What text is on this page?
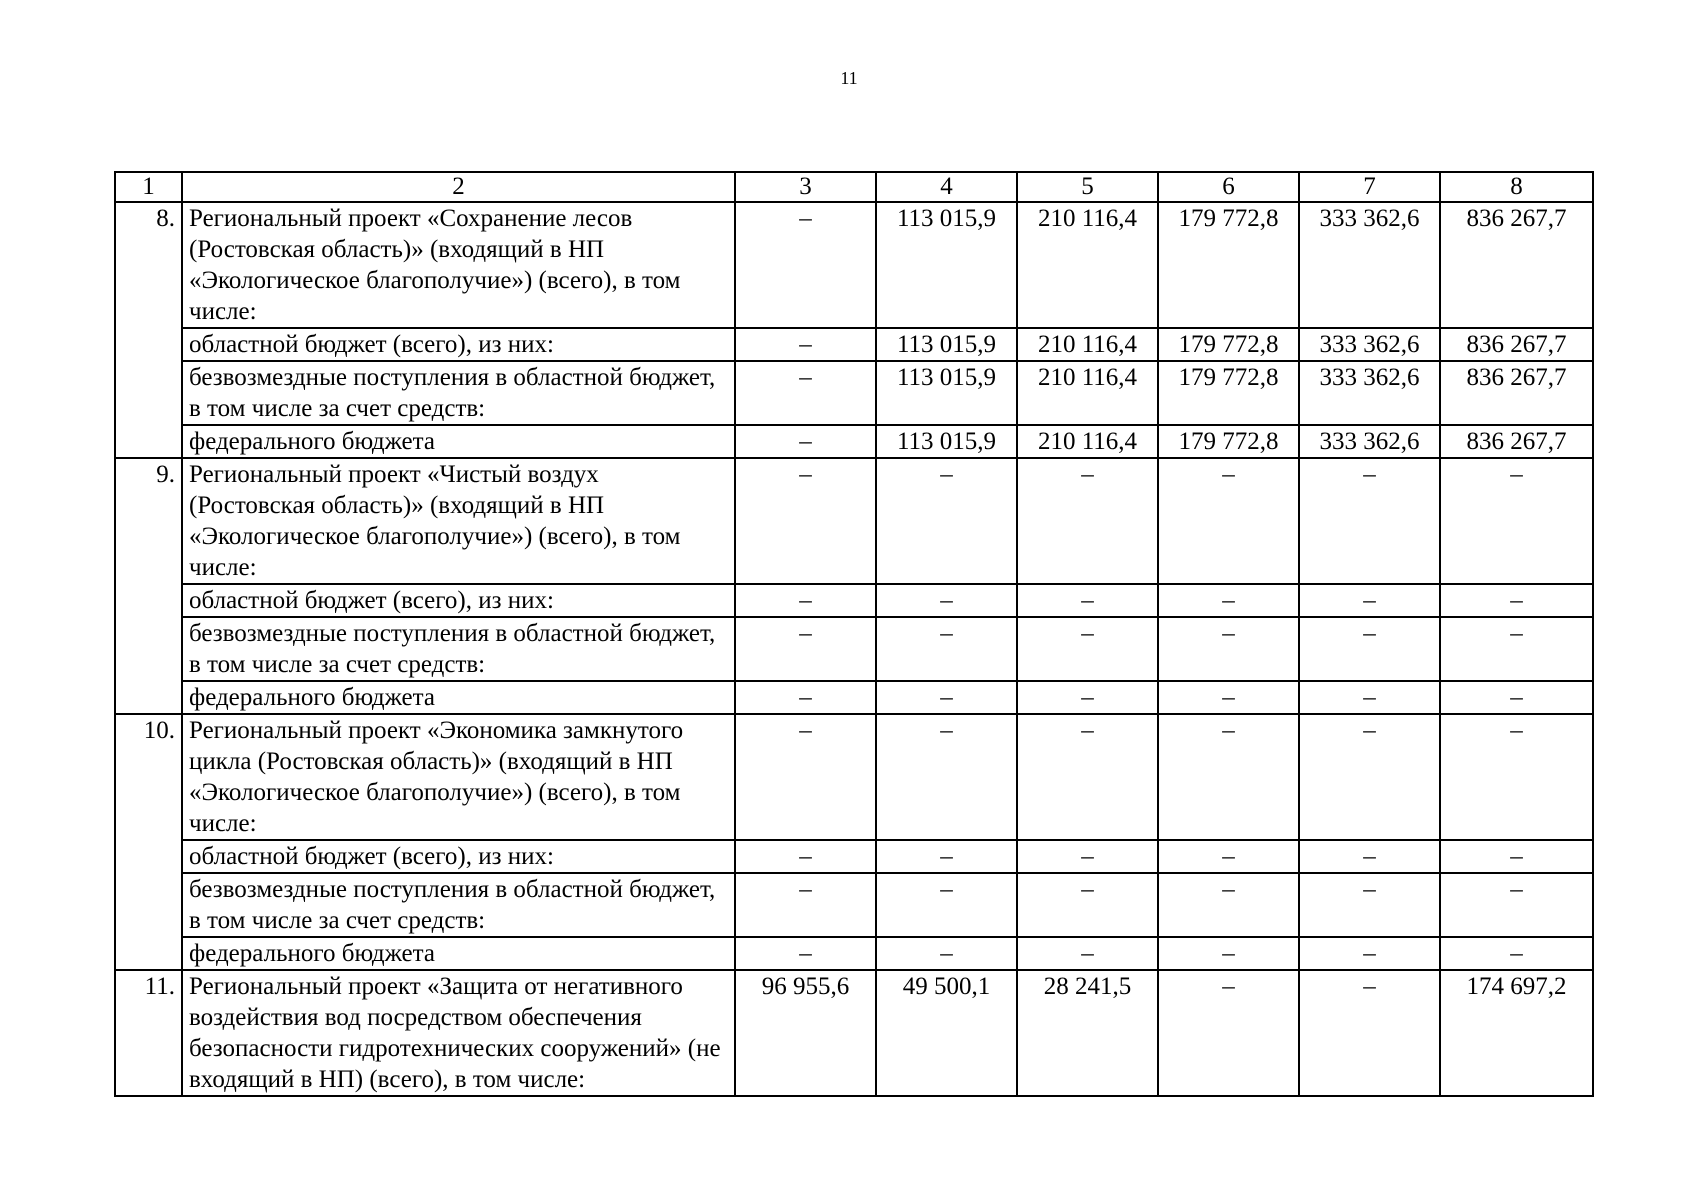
11
1	2	3	4	5	6	7	8
8.	Региональный проект «Сохранение лесов (Ростовская область)» (входящий в НП «Экологическое благополучие») (всего), в том числе:	–	113 015,9	210 116,4	179 772,8	333 362,6	836 267,7
	областной бюджет (всего), из них:	–	113 015,9	210 116,4	179 772,8	333 362,6	836 267,7
	безвозмездные поступления в областной бюджет, в том числе за счет средств:	–	113 015,9	210 116,4	179 772,8	333 362,6	836 267,7
	федерального бюджета	–	113 015,9	210 116,4	179 772,8	333 362,6	836 267,7
9.	Региональный проект «Чистый воздух (Ростовская область)» (входящий в НП «Экологическое благополучие») (всего), в том числе:	–	–	–	–	–	–
	областной бюджет (всего), из них:	–	–	–	–	–	–
	безвозмездные поступления в областной бюджет, в том числе за счет средств:	–	–	–	–	–	–
	федерального бюджета	–	–	–	–	–	–
10.	Региональный проект «Экономика замкнутого цикла (Ростовская область)» (входящий в НП «Экологическое благополучие») (всего), в том числе:	–	–	–	–	–	–
	областной бюджет (всего), из них:	–	–	–	–	–	–
	безвозмездные поступления в областной бюджет, в том числе за счет средств:	–	–	–	–	–	–
	федерального бюджета	–	–	–	–	–	–
11.	Региональный проект «Защита от негативного воздействия вод посредством обеспечения безопасности гидротехнических сооружений» (не входящий в НП) (всего), в том числе:	96 955,6	49 500,1	28 241,5	–	–	174 697,2
